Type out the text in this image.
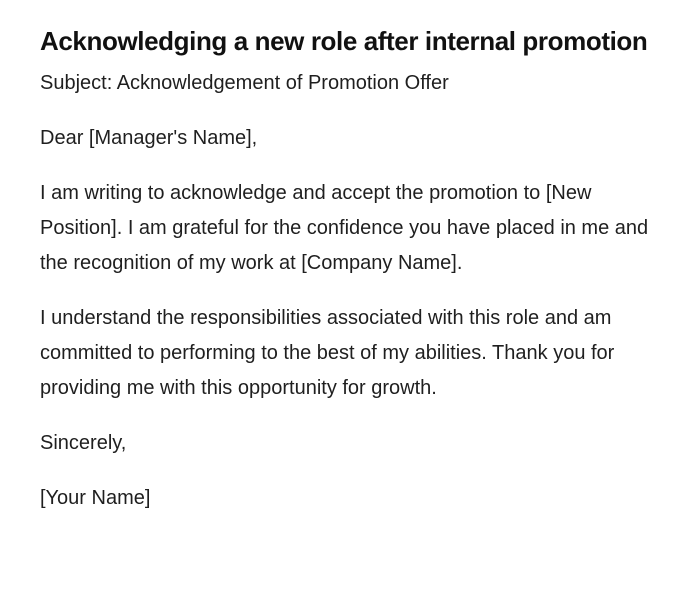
Acknowledging a new role after internal promotion

Subject: Acknowledgement of Promotion Offer

Dear [Manager's Name],

I am writing to acknowledge and accept the promotion to [New Position]. I am grateful for the confidence you have placed in me and the recognition of my work at [Company Name].

I understand the responsibilities associated with this role and am committed to performing to the best of my abilities. Thank you for providing me with this opportunity for growth.

Sincerely,

[Your Name]
